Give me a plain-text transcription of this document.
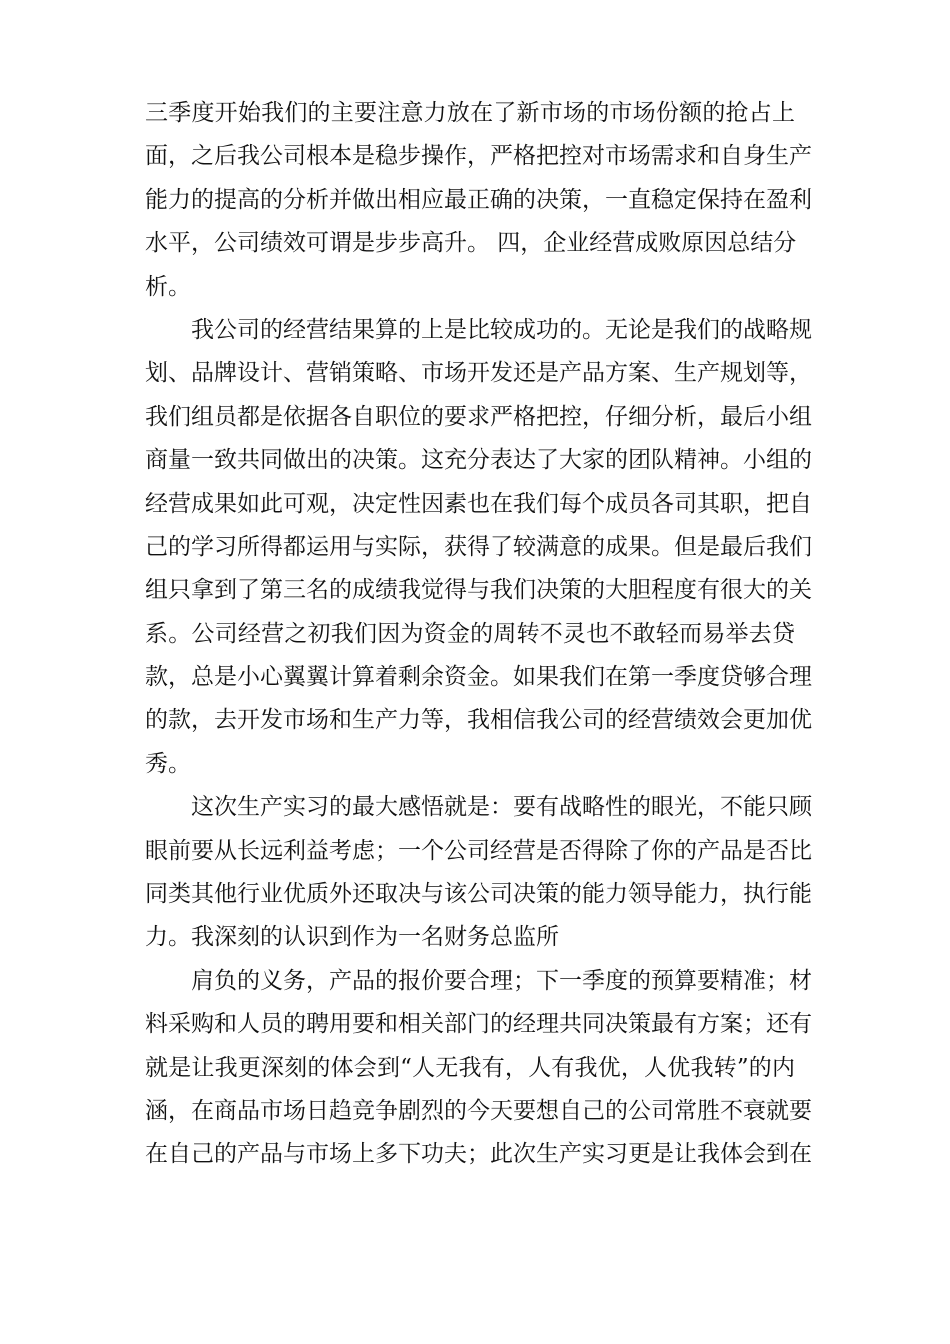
三季度开始我们的主要注意力放在了新市场的市场份额的抢占上
面，之后我公司根本是稳步操作，严格把控对市场需求和自身生产
能力的提高的分析并做出相应最正确的决策，一直稳定保持在盈利
水平，公司绩效可谓是步步高升。 四，企业经营成败原因总结分
析。
我公司的经营结果算的上是比较成功的。无论是我们的战略规
划、品牌设计、营销策略、市场开发还是产品方案、生产规划等，
我们组员都是依据各自职位的要求严格把控，仔细分析，最后小组
商量一致共同做出的决策。这充分表达了大家的团队精神。小组的
经营成果如此可观，决定性因素也在我们每个成员各司其职，把自
己的学习所得都运用与实际，获得了较满意的成果。但是最后我们
组只拿到了第三名的成绩我觉得与我们决策的大胆程度有很大的关
系。公司经营之初我们因为资金的周转不灵也不敢轻而易举去贷
款，总是小心翼翼计算着剩余资金。如果我们在第一季度贷够合理
的款，去开发市场和生产力等，我相信我公司的经营绩效会更加优
秀。
这次生产实习的最大感悟就是：要有战略性的眼光，不能只顾
眼前要从长远利益考虑；一个公司经营是否得除了你的产品是否比
同类其他行业优质外还取决与该公司决策的能力领导能力，执行能
力。我深刻的认识到作为一名财务总监所
肩负的义务，产品的报价要合理；下一季度的预算要精准；材
料采购和人员的聘用要和相关部门的经理共同决策最有方案；还有
就是让我更深刻的体会到“人无我有，人有我优，人优我转”的内
涵，在商品市场日趋竞争剧烈的今天要想自己的公司常胜不衰就要
在自己的产品与市场上多下功夫；此次生产实习更是让我体会到在
